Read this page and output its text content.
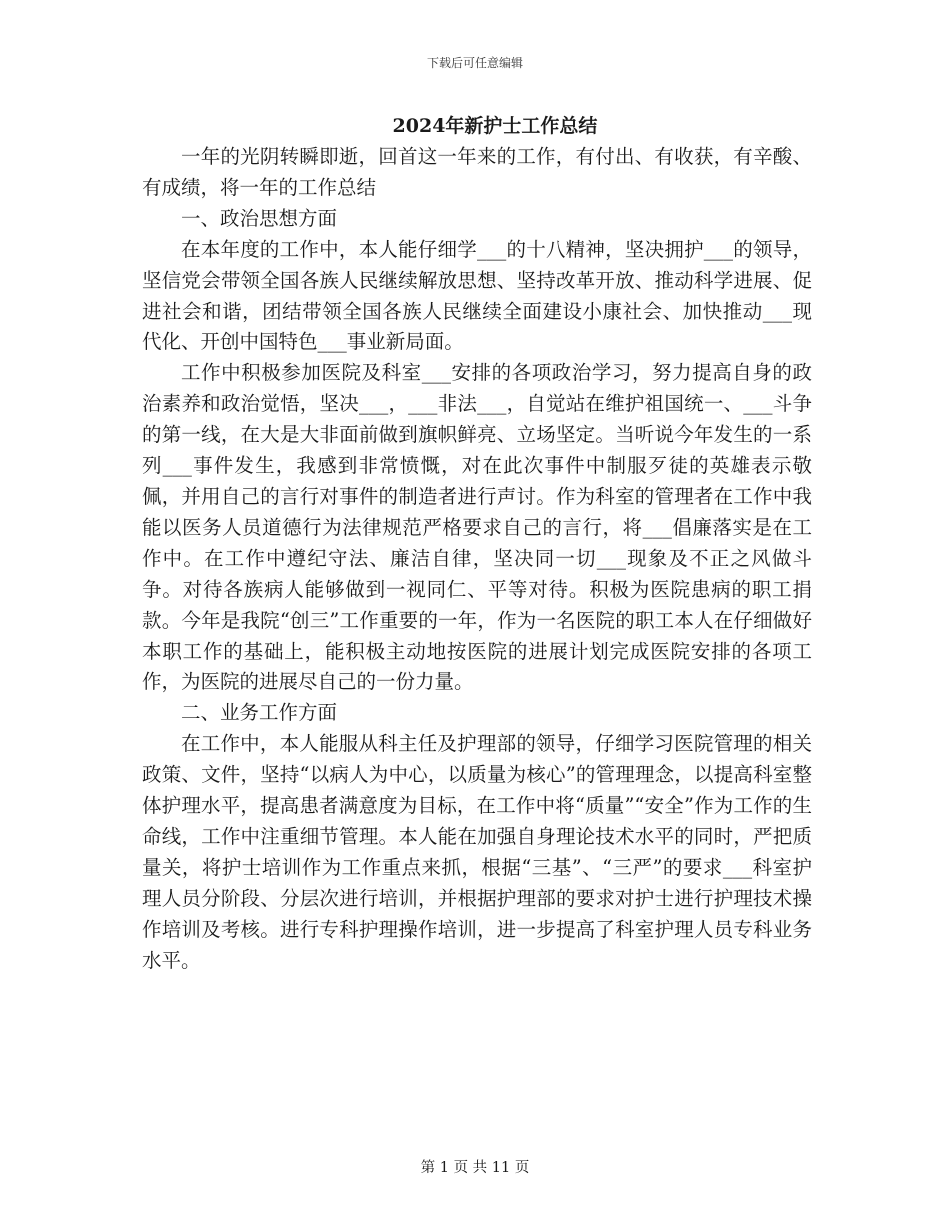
下载后可任意编辑
2024年新护士工作总结

一年的光阴转瞬即逝，回首这一年来的工作，有付出、有收获，有辛酸、有成绩，将一年的工作总结

一、政治思想方面

在本年度的工作中，本人能仔细学___的十八精神，坚决拥护___的领导，坚信党会带领全国各族人民继续解放思想、坚持改革开放、推动科学进展、促进社会和谐，团结带领全国各族人民继续全面建设小康社会、加快推动___现代化、开创中国特色___事业新局面。

工作中积极参加医院及科室___安排的各项政治学习，努力提高自身的政治素养和政治觉悟，坚决___，___非法___，自觉站在维护祖国统一、___斗争的第一线，在大是大非面前做到旗帜鲜亮、立场坚定。当听说今年发生的一系列___事件发生，我感到非常愤慨，对在此次事件中制服歹徒的英雄表示敬佩，并用自己的言行对事件的制造者进行声讨。作为科室的管理者在工作中我能以医务人员道德行为法律规范严格要求自己的言行，将___倡廉落实是在工作中。在工作中遵纪守法、廉洁自律，坚决同一切___现象及不正之风做斗争。对待各族病人能够做到一视同仁、平等对待。积极为医院患病的职工捐款。今年是我院“创三”工作重要的一年，作为一名医院的职工本人在仔细做好本职工作的基础上，能积极主动地按医院的进展计划完成医院安排的各项工作，为医院的进展尽自己的一份力量。

二、业务工作方面

在工作中，本人能服从科主任及护理部的领导，仔细学习医院管理的相关政策、文件，坚持“以病人为中心，以质量为核心”的管理理念，以提高科室整体护理水平，提高患者满意度为目标，在工作中将“质量”“安全”作为工作的生命线，工作中注重细节管理。本人能在加强自身理论技术水平的同时，严把质量关，将护士培训作为工作重点来抓，根据“三基”、“三严”的要求___科室护理人员分阶段、分层次进行培训，并根据护理部的要求对护士进行护理技术操作培训及考核。进行专科护理操作培训，进一步提高了科室护理人员专科业务水平。

第 1 页 共 11 页
